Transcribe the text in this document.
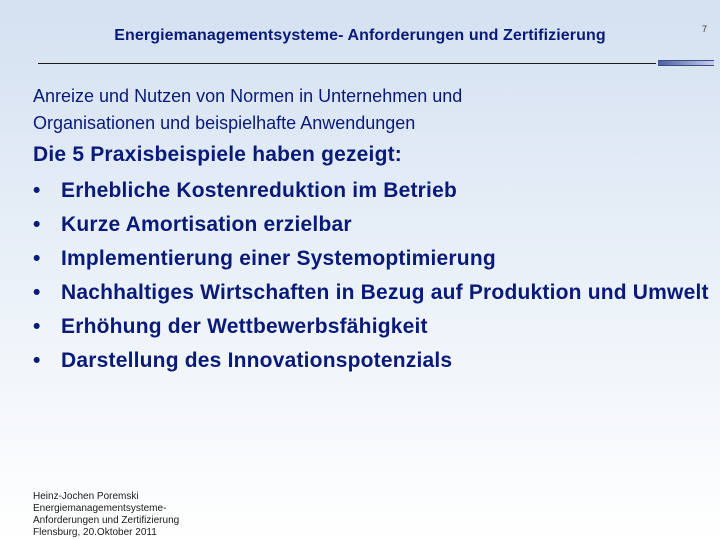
Energiemanagementsysteme- Anforderungen und Zertifizierung	7
Anreize und Nutzen von Normen in Unternehmen und
Organisationen und beispielhafte Anwendungen
Die 5 Praxisbeispiele haben gezeigt:
• Erhebliche Kostenreduktion im Betrieb
• Kurze Amortisation erzielbar
• Implementierung einer Systemoptimierung
• Nachhaltiges Wirtschaften in Bezug auf Produktion und Umwelt
• Erhöhung der Wettbewerbsfähigkeit
• Darstellung des Innovationspotenzials
Heinz-Jochen Poremski
Energiemanagementsysteme-
Anforderungen und Zertifizierung
Flensburg, 20.Oktober 2011
